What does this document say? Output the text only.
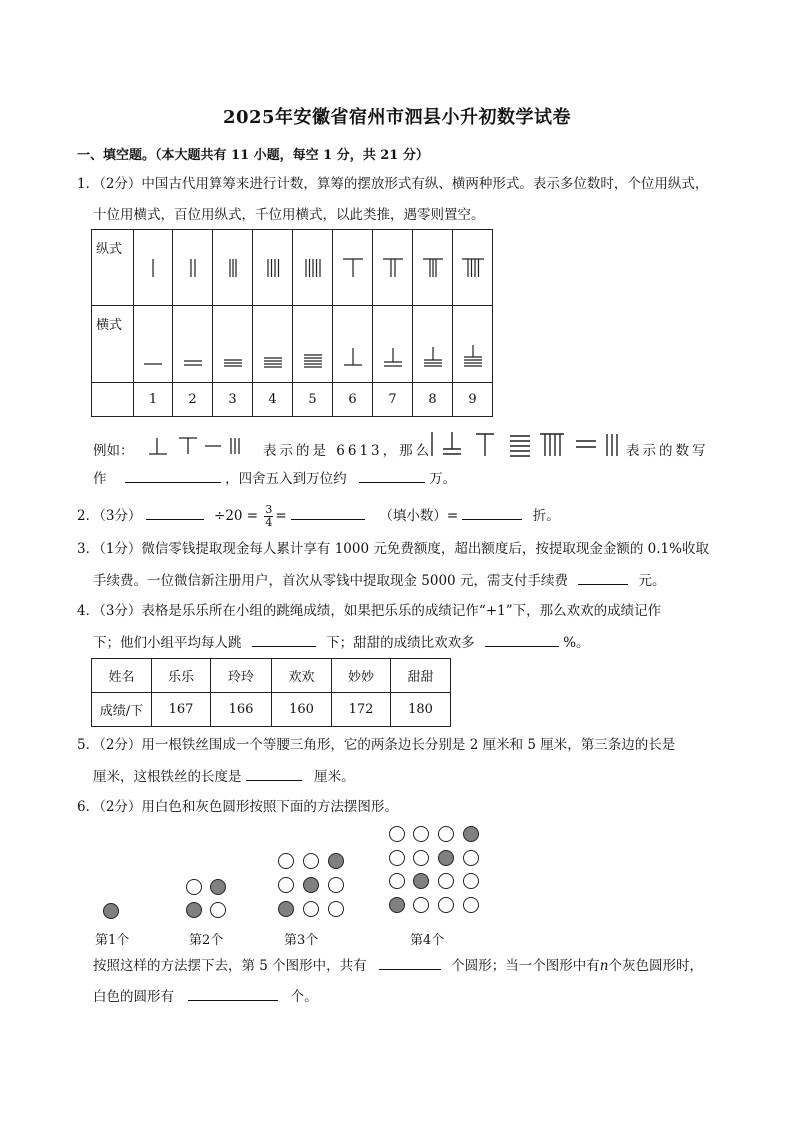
2025年安徽省宿州市泗县小升初数学试卷
一、填空题。（本大题共有 11 小题，每空 1 分，共 21 分）
1．（2分）中国古代用算筹来进行计数，算筹的摆放形式有纵、横两种形式。表示多位数时，个位用纵式，
十位用横式，百位用纵式，千位用横式，以此类推，遇零则置空。
纵式									
横式									
	1	2	3	4	5	6	7	8	9
例如：	表示的是 6613，那么	表示的数写
作	，四舍五入到万位约	万。
2．（3分）	$\div 20 = \frac{3}{4}$ =	（填小数）=	折。
3．（1分）微信零钱提取现金每人累计享有 1000 元免费额度，超出额度后，按提取现金金额的 0.1%收取
手续费。一位微信新注册用户，首次从零钱中提取现金 5000 元，需支付手续费	元。
4．（3分）表格是乐乐所在小组的跳绳成绩，如果把乐乐的成绩记作“+1”下，那么欢欢的成绩记作
下；他们小组平均每人跳	下；甜甜的成绩比欢欢多	%。
姓名	乐乐	玲玲	欢欢	妙妙	甜甜
成绩/下	167	166	160	172	180
5．（2分）用一根铁丝围成一个等腰三角形，它的两条边长分别是 2 厘米和 5 厘米，第三条边的长是
厘米，这根铁丝的长度是	厘米。
6．（2分）用白色和灰色圆形按照下面的方法摆图形。
第1个	第2个	第3个	第4个
按照这样的方法摆下去，第 5 个图形中，共有	个圆形；当一个图形中有n个灰色圆形时，
白色的圆形有	个。
